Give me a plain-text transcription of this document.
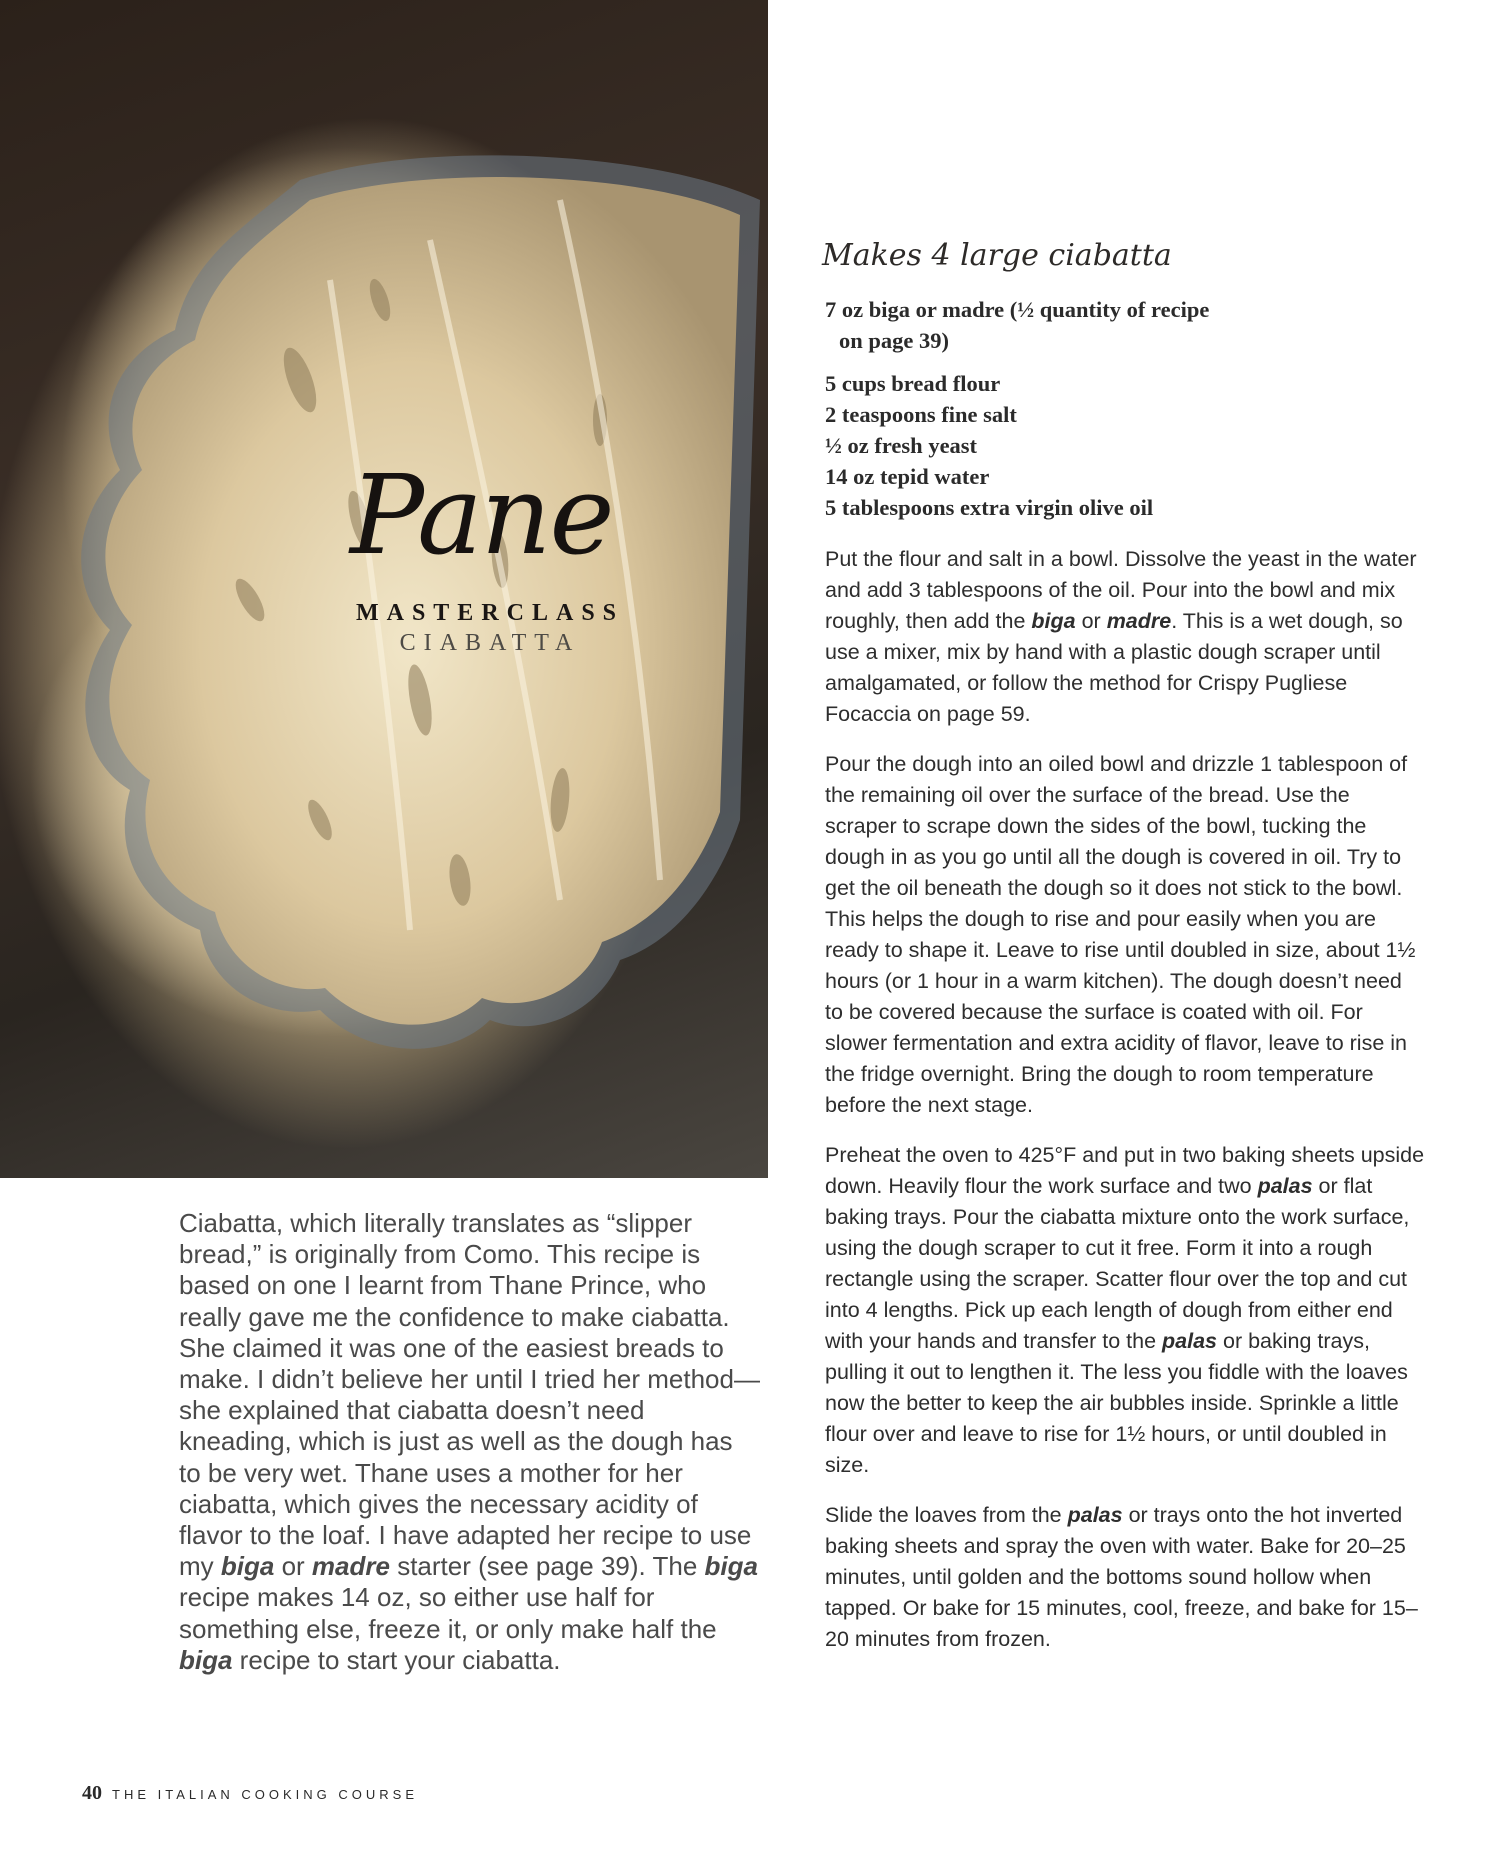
Pane
MASTERCLASS
CIABATTA
Makes 4 large ciabatta
7 oz biga or madre (½ quantity of recipe
on page 39)
5 cups bread flour
2 teaspoons fine salt
½ oz fresh yeast
14 oz tepid water
5 tablespoons extra virgin olive oil

Put the flour and salt in a bowl. Dissolve the yeast in the water and add 3 tablespoons of the oil. Pour into the bowl and mix roughly, then add the biga or madre. This is a wet dough, so use a mixer, mix by hand with a plastic dough scraper until amalgamated, or follow the method for Crispy Pugliese Focaccia on page 59.

Pour the dough into an oiled bowl and drizzle 1 tablespoon of the remaining oil over the surface of the bread. Use the scraper to scrape down the sides of the bowl, tucking the dough in as you go until all the dough is covered in oil. Try to get the oil beneath the dough so it does not stick to the bowl. This helps the dough to rise and pour easily when you are ready to shape it. Leave to rise until doubled in size, about 1½ hours (or 1 hour in a warm kitchen). The dough doesn’t need to be covered because the surface is coated with oil. For slower fermentation and extra acidity of flavor, leave to rise in the fridge overnight. Bring the dough to room temperature before the next stage.

Preheat the oven to 425°F and put in two baking sheets upside down. Heavily flour the work surface and two palas or flat baking trays. Pour the ciabatta mixture onto the work surface, using the dough scraper to cut it free. Form it into a rough rectangle using the scraper. Scatter flour over the top and cut into 4 lengths. Pick up each length of dough from either end with your hands and transfer to the palas or baking trays, pulling it out to lengthen it. The less you fiddle with the loaves now the better to keep the air bubbles inside. Sprinkle a little flour over and leave to rise for 1½ hours, or until doubled in size.

Slide the loaves from the palas or trays onto the hot inverted baking sheets and spray the oven with water. Bake for 20–25 minutes, until golden and the bottoms sound hollow when tapped. Or bake for 15 minutes, cool, freeze, and bake for 15–20 minutes from frozen.

Ciabatta, which literally translates as “slipper bread,” is originally from Como. This recipe is based on one I learnt from Thane Prince, who really gave me the confidence to make ciabatta. She claimed it was one of the easiest breads to make. I didn’t believe her until I tried her method—she explained that ciabatta doesn’t need kneading, which is just as well as the dough has to be very wet. Thane uses a mother for her ciabatta, which gives the necessary acidity of flavor to the loaf. I have adapted her recipe to use my biga or madre starter (see page 39). The biga recipe makes 14 oz, so either use half for something else, freeze it, or only make half the biga recipe to start your ciabatta.

40 THE ITALIAN COOKING COURSE
